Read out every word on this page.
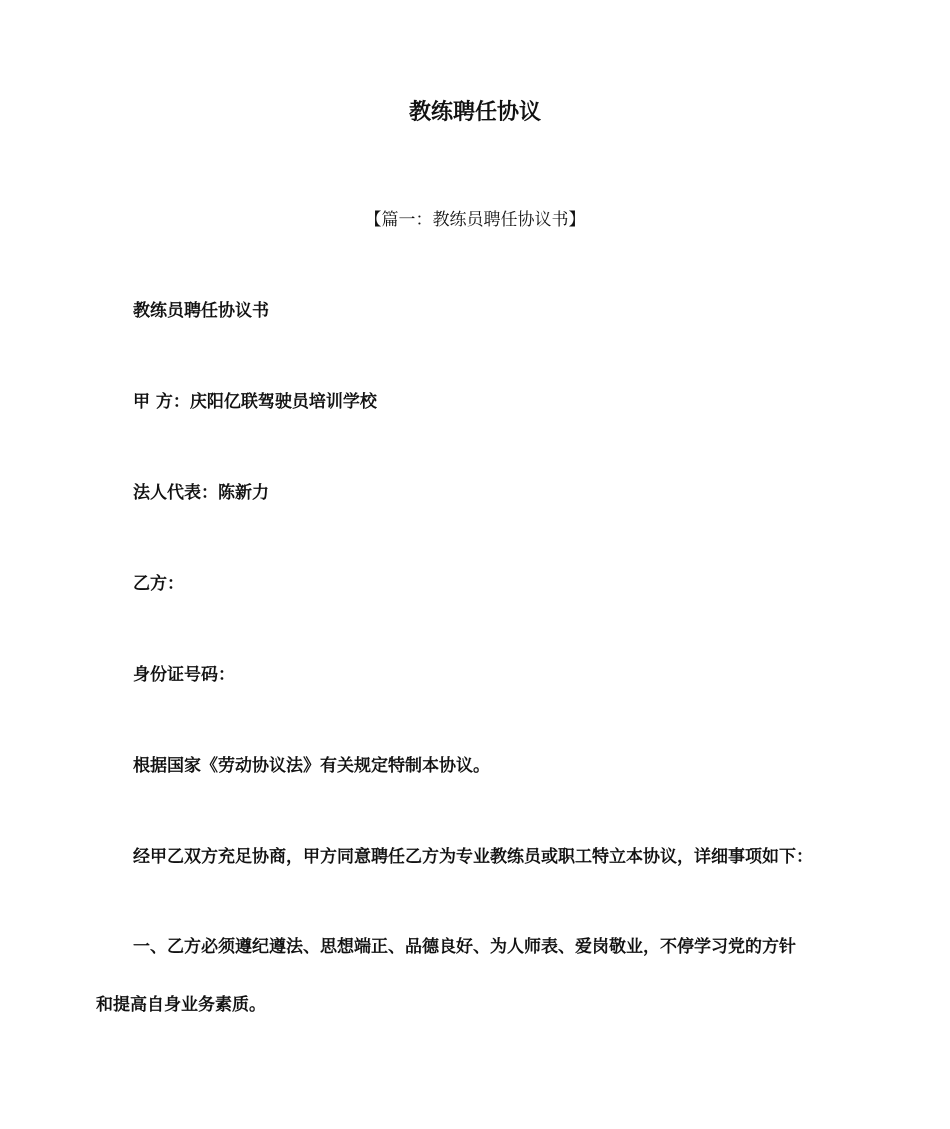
教练聘任协议
【篇一：教练员聘任协议书】

教练员聘任协议书

甲 方：庆阳亿联驾驶员培训学校

法人代表：陈新力

乙方：

身份证号码：

根据国家《劳动协议法》有关规定特制本协议。

经甲乙双方充足协商，甲方同意聘任乙方为专业教练员或职工特立本协议，详细事项如下：

一、乙方必须遵纪遵法、思想端正、品德良好、为人师表、爱岗敬业，不停学习党的方针
和提高自身业务素质。
